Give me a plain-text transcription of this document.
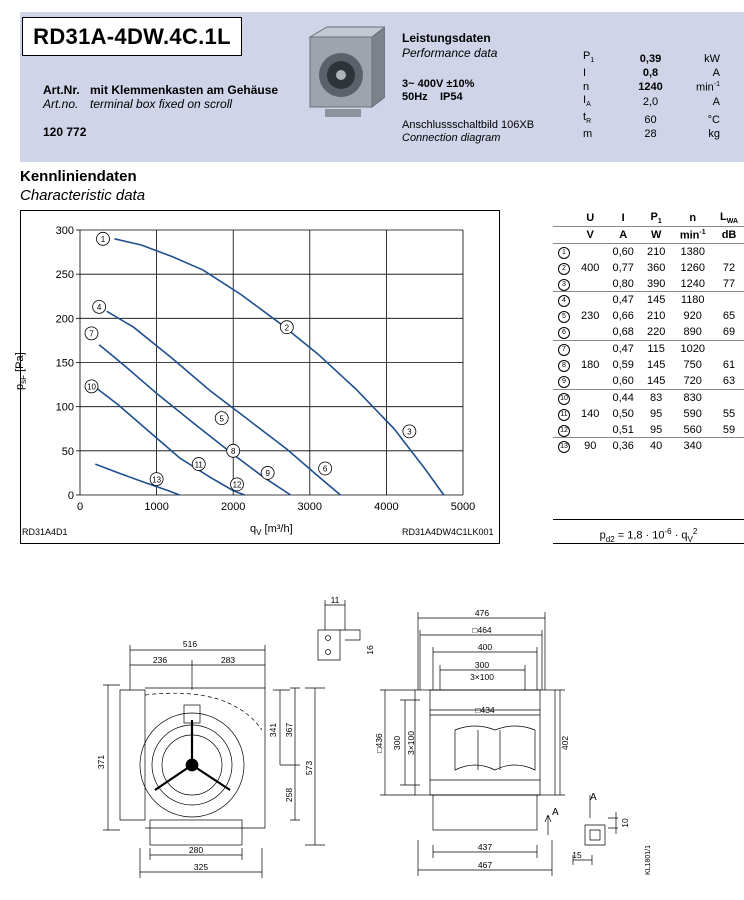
RD31A-4DW.4C.1L
Art.Nr. mit Klemmenkasten am Gehäuse
Art.no. terminal box fixed on scroll
120 772
Leistungsdaten
Performance data
3~ 400V ±10%
50Hz IP54
Anschlussschaltbild 106XB
Connection diagram
$P_1$	0,39	kW
I	0,8	A
n	1240	$\min^{-1}$
$I_A$	2,0	A
$t_R$	60	°C
m	28	kg
Kennliniendaten
Characteristic data
1
2
3
4
5
6
7
8
9
10
11
12
13
0	1000	2000	3000	4000	5000
0
50
100
150
200
250
300
RD31A4D1	RD31A4DW4C1LK001
$q_V$ [m³/h]
$p_{sF}$ [Pa]
	U	I	$P_1$	n	$L_{WA}$
	V	A	W	$\min^{-1}$	dB
1		0,60	210	1380	
2	400	0,77	360	1260	72
3		0,80	390	1240	77
4		0,47	145	1180	
5	230	0,66	210	920	65
6		0,68	220	890	69
7		0,47	115	1020	
8	180	0,59	145	750	61
9		0,60	145	720	63
10		0,44	83	830	
11	140	0,50	95	590	55
12		0,51	95	560	59
13	90	0,36	40	340	
$p_{d2} = 1,8 \cdot 10^{-6} \cdot q_V^2$
516
236	283
371
341 367
573
258
280
325
476
□464
400
300
3×100
□434
□436 300 3×100	402
437
467
11
16
10
15
A
A
KL1801/1
